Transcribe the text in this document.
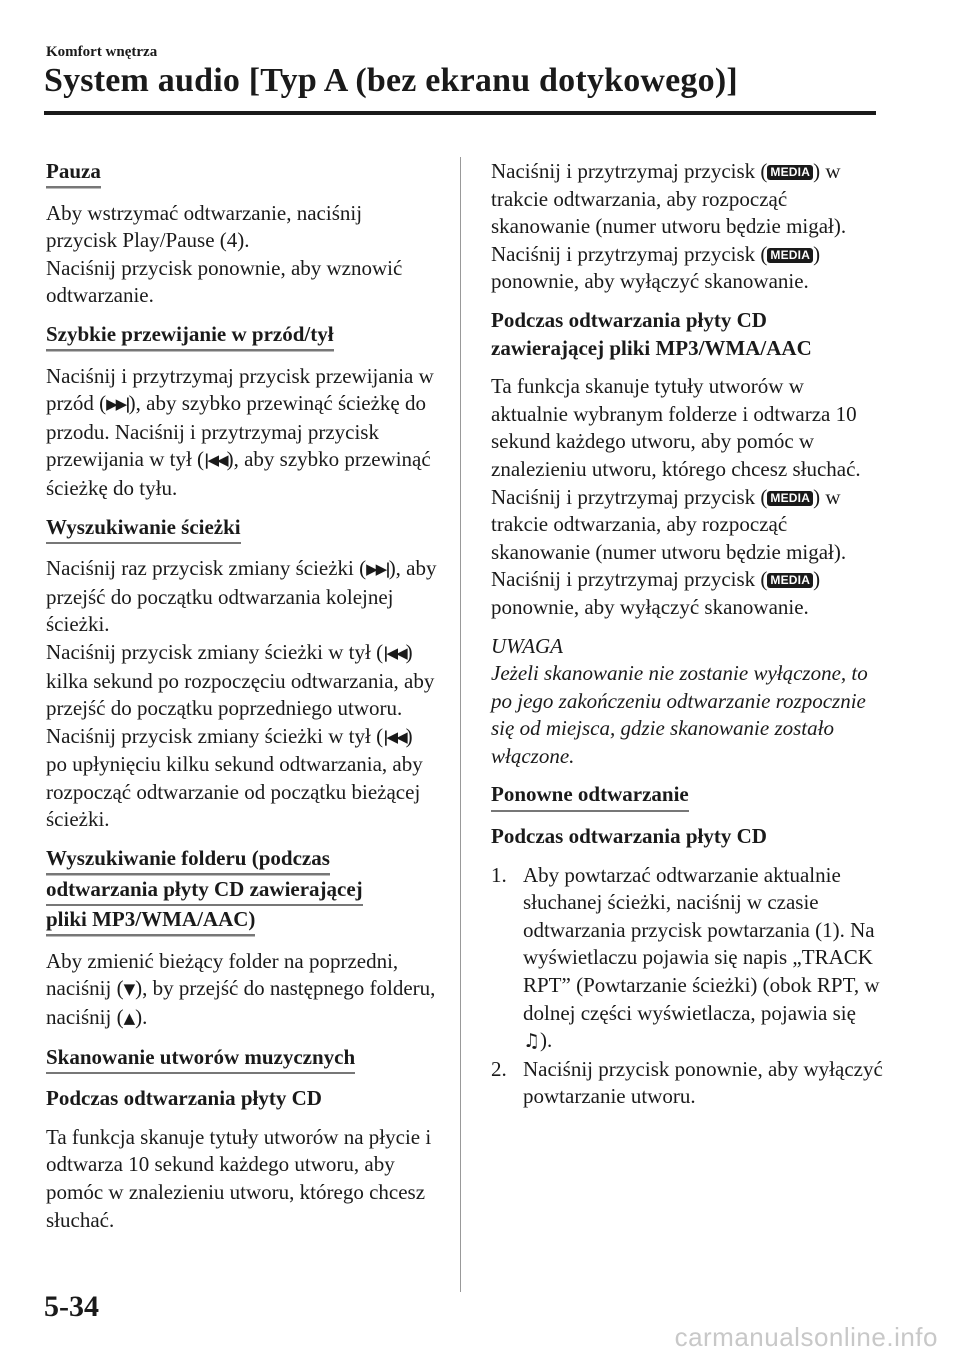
Komfort wnętrza
System audio [Typ A (bez ekranu dotykowego)]
Pauza

Aby wstrzymać odtwarzanie, naciśnij przycisk Play/Pause (4).

Naciśnij przycisk ponownie, aby wznowić odtwarzanie.

Szybkie przewijanie w przód/tył

Naciśnij i przytrzymaj przycisk przewijania w przód (▶▶|), aby szybko przewinąć ścieżkę do przodu. Naciśnij i przytrzymaj przycisk przewijania w tył (|◀◀), aby szybko przewinąć ścieżkę do tyłu.

Wyszukiwanie ścieżki

Naciśnij raz przycisk zmiany ścieżki (▶▶|), aby przejść do początku odtwarzania kolejnej ścieżki.

Naciśnij przycisk zmiany ścieżki w tył (|◀◀) kilka sekund po rozpoczęciu odtwarzania, aby przejść do początku poprzedniego utworu.

Naciśnij przycisk zmiany ścieżki w tył (|◀◀) po upłynięciu kilku sekund odtwarzania, aby rozpocząć odtwarzanie od początku bieżącej ścieżki.

Wyszukiwanie folderu (podczas
odtwarzania płyty CD zawierającej
pliki MP3/WMA/AAC)

Aby zmienić bieżący folder na poprzedni, naciśnij (▼), by przejść do następnego folderu, naciśnij (▲).

Skanowanie utworów muzycznych
Podczas odtwarzania płyty CD

Ta funkcja skanuje tytuły utworów na płycie i odtwarza 10 sekund każdego utworu, aby pomóc w znalezieniu utworu, którego chcesz słuchać.

Naciśnij i przytrzymaj przycisk ( MEDIA ) w trakcie odtwarzania, aby rozpocząć skanowanie (numer utworu będzie migał).

Naciśnij i przytrzymaj przycisk ( MEDIA ) ponownie, aby wyłączyć skanowanie.

Podczas odtwarzania płyty CD
zawierającej pliki MP3/WMA/AAC

Ta funkcja skanuje tytuły utworów w aktualnie wybranym folderze i odtwarza 10 sekund każdego utworu, aby pomóc w znalezieniu utworu, którego chcesz słuchać. Naciśnij i przytrzymaj przycisk ( MEDIA ) w trakcie odtwarzania, aby rozpocząć skanowanie (numer utworu będzie migał).

Naciśnij i przytrzymaj przycisk ( MEDIA ) ponownie, aby wyłączyć skanowanie.

UWAGA
Jeżeli skanowanie nie zostanie wyłączone, to po jego zakończeniu odtwarzanie rozpocznie się od miejsca, gdzie skanowanie zostało włączone.
Ponowne odtwarzanie
Podczas odtwarzania płyty CD
1. Aby powtarzać odtwarzanie aktualnie słuchanej ścieżki, naciśnij w czasie odtwarzania przycisk powtarzania (1). Na wyświetlaczu pojawia się napis „TRACK RPT” (Powtarzanie ścieżki) (obok RPT, w dolnej części wyświetlacza, pojawia się ♫).
2. Naciśnij przycisk ponownie, aby wyłączyć powtarzanie utworu.
5-34
carmanualsonline.info
